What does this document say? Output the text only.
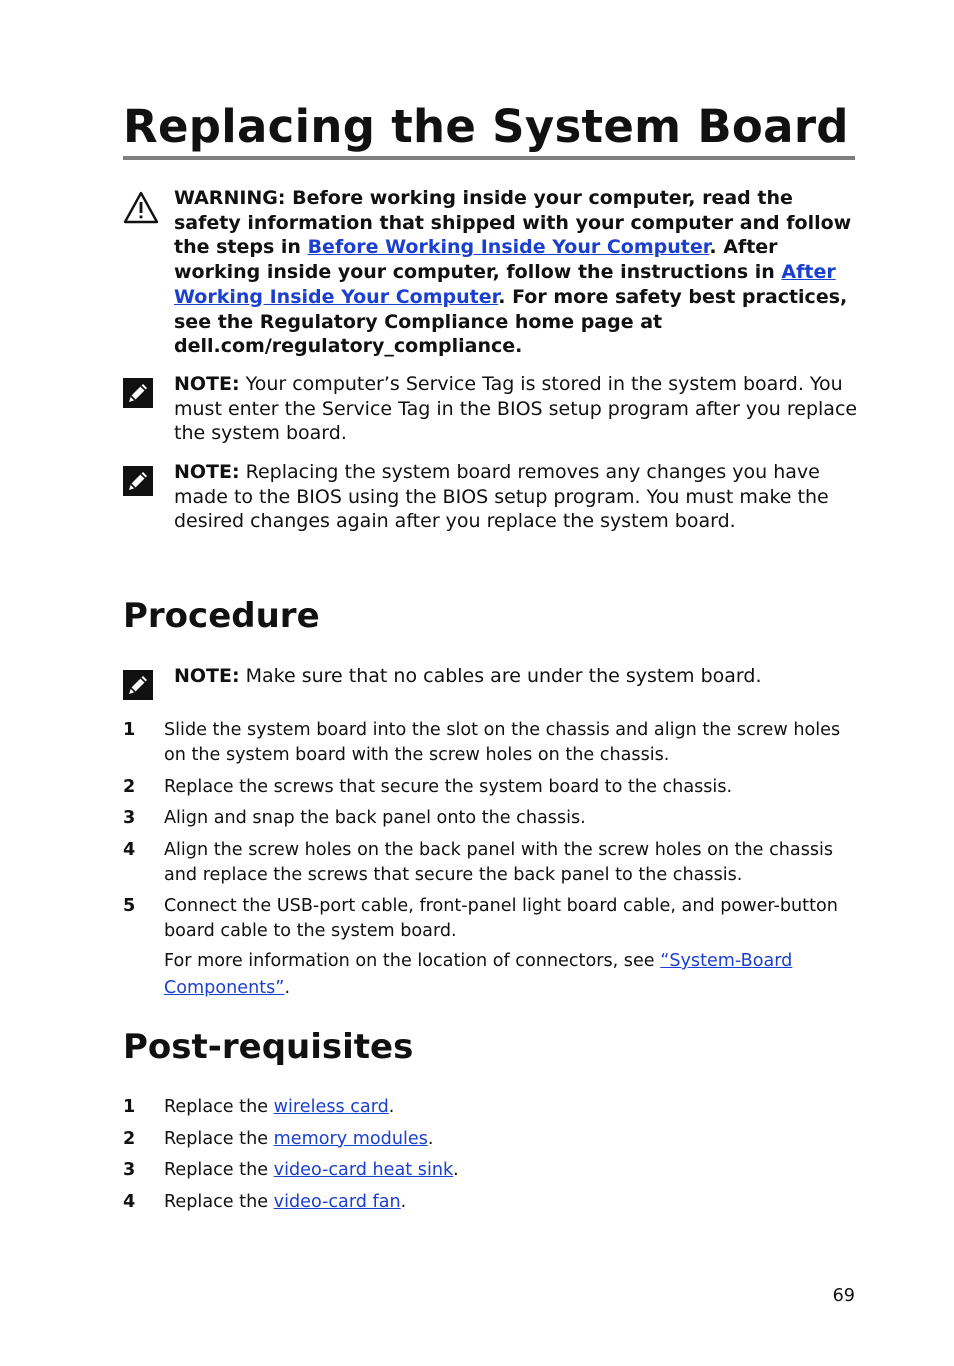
Replacing the System Board
WARNING: Before working inside your computer, read the safety information that shipped with your computer and follow the steps in Before Working Inside Your Computer. After working inside your computer, follow the instructions in After Working Inside Your Computer. For more safety best practices, see the Regulatory Compliance home page at dell.com/regulatory_compliance.
NOTE: Your computer’s Service Tag is stored in the system board. You must enter the Service Tag in the BIOS setup program after you replace the system board.
NOTE: Replacing the system board removes any changes you have made to the BIOS using the BIOS setup program. You must make the desired changes again after you replace the system board.
Procedure
NOTE: Make sure that no cables are under the system board.
1 Slide the system board into the slot on the chassis and align the screw holes on the system board with the screw holes on the chassis.
2 Replace the screws that secure the system board to the chassis.
3 Align and snap the back panel onto the chassis.
4 Align the screw holes on the back panel with the screw holes on the chassis and replace the screws that secure the back panel to the chassis.
5 Connect the USB-port cable, front-panel light board cable, and power-button board cable to the system board.
For more information on the location of connectors, see “System-Board Components”.
Post-requisites
1 Replace the wireless card.
2 Replace the memory modules.
3 Replace the video-card heat sink.
4 Replace the video-card fan.
69
